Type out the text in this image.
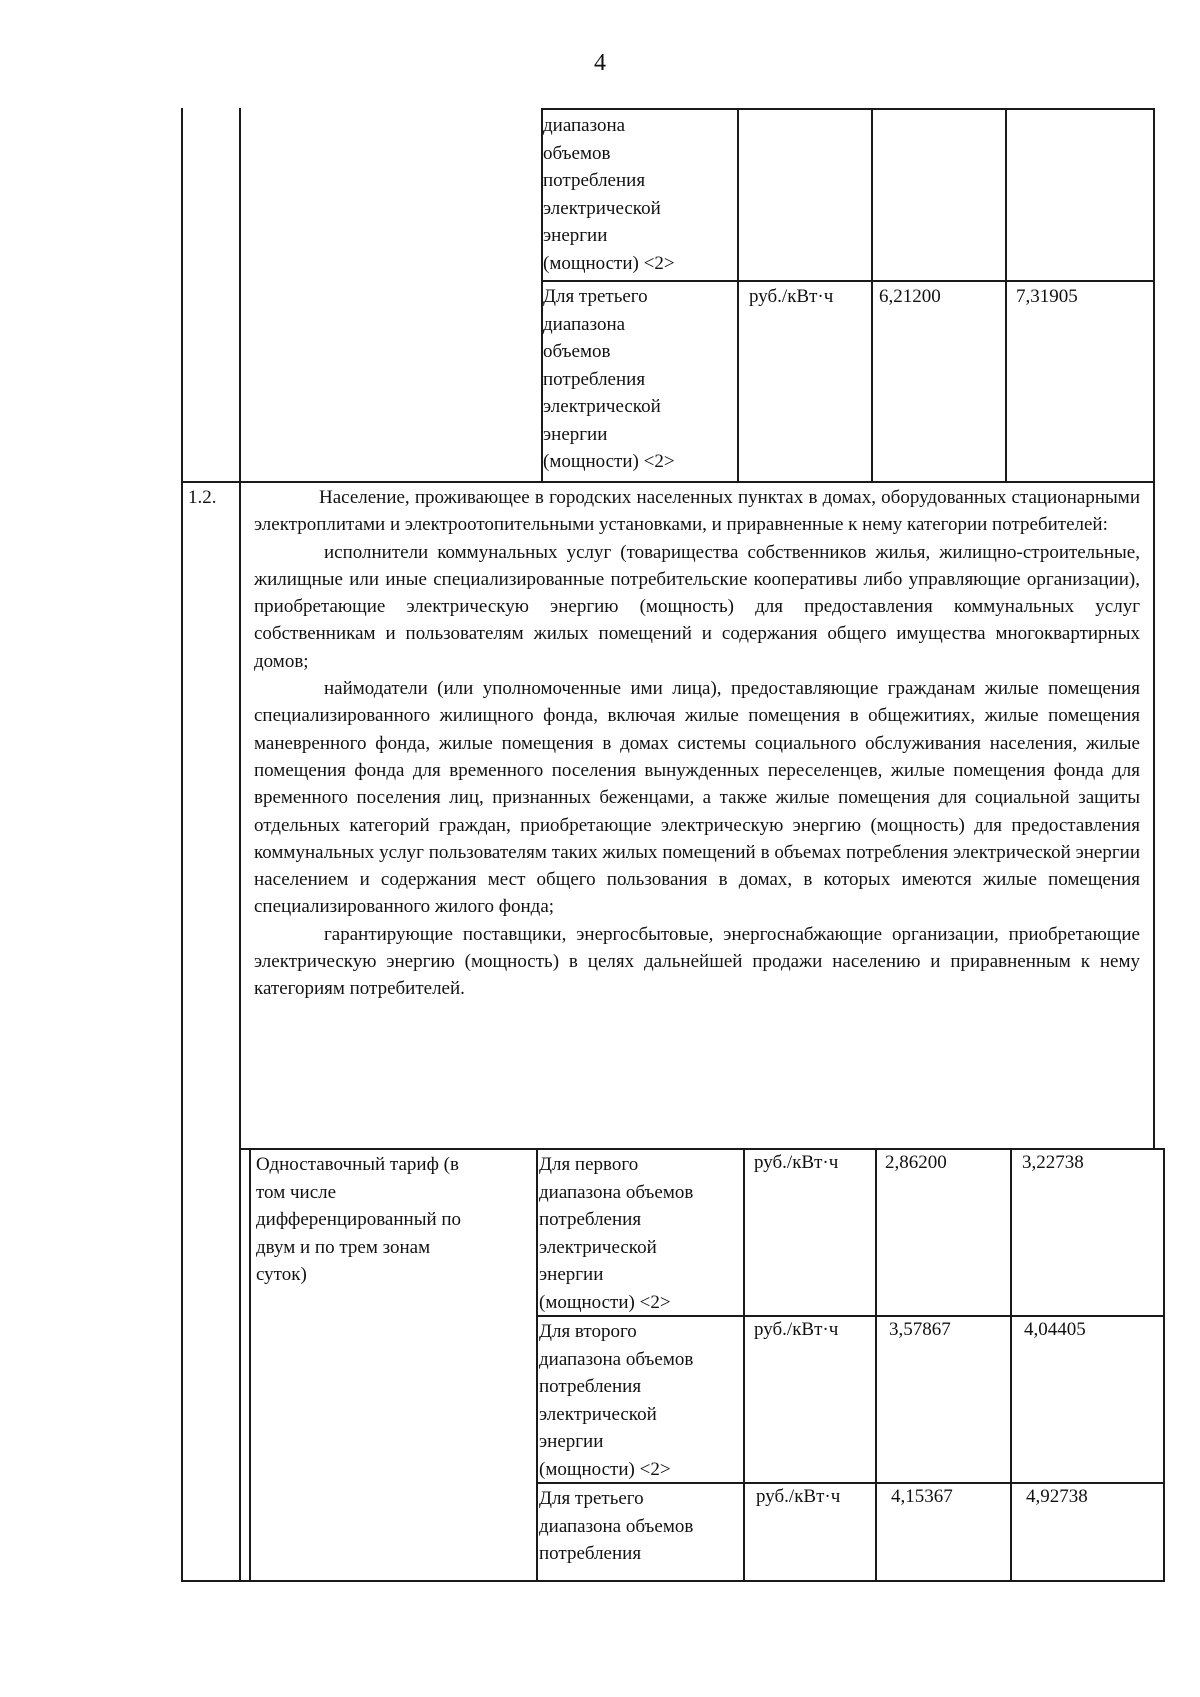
4
диапазона
объемов
потребления
электрической
энергии
(мощности) <2>
Для третьего
диапазона
объемов
потребления
электрической
энергии
(мощности) <2>
руб./кВт·ч 6,21200	7,31905
1.2.	Население, проживающее в городских населенных пунктах в домах, оборудованных стационарными электроплитами и электроотопительными установками, и приравненные к нему категории потребителей:

исполнители коммунальных услуг (товарищества собственников жилья, жилищно-строительные, жилищные или иные специализированные потребительские кооперативы либо управляющие организации), приобретающие электрическую энергию (мощность) для предоставления коммунальных услуг собственникам и пользователям жилых помещений и содержания общего имущества многоквартирных домов;

наймодатели (или уполномоченные ими лица), предоставляющие гражданам жилые помещения специализированного жилищного фонда, включая жилые помещения в общежитиях, жилые помещения маневренного фонда, жилые помещения в домах системы социального обслуживания населения, жилые помещения фонда для временного поселения вынужденных переселенцев, жилые помещения фонда для временного поселения лиц, признанных беженцами, а также жилые помещения для социальной защиты отдельных категорий граждан, приобретающие электрическую энергию (мощность) для предоставления коммунальных услуг пользователям таких жилых помещений в объемах потребления электрической энергии населением и содержания мест общего пользования в домах, в которых имеются жилые помещения специализированного жилого фонда;

гарантирующие поставщики, энергосбытовые, энергоснабжающие организации, приобретающие электрическую энергию (мощность) в целях дальнейшей продажи населению и приравненным к нему категориям потребителей.

Одноставочный тариф (в
том числе
дифференцированный по
двум и по трем зонам
суток)
Для первого
диапазона объемов
потребления
электрической
энергии
(мощности) <2>
руб./кВт·ч 2,86200	3,22738
Для второго
диапазона объемов
потребления
электрической
энергии
(мощности) <2>
руб./кВт·ч	3,57867	4,04405
Для третьего
диапазона объемов
потребления
руб./кВт·ч	4,15367	4,92738
